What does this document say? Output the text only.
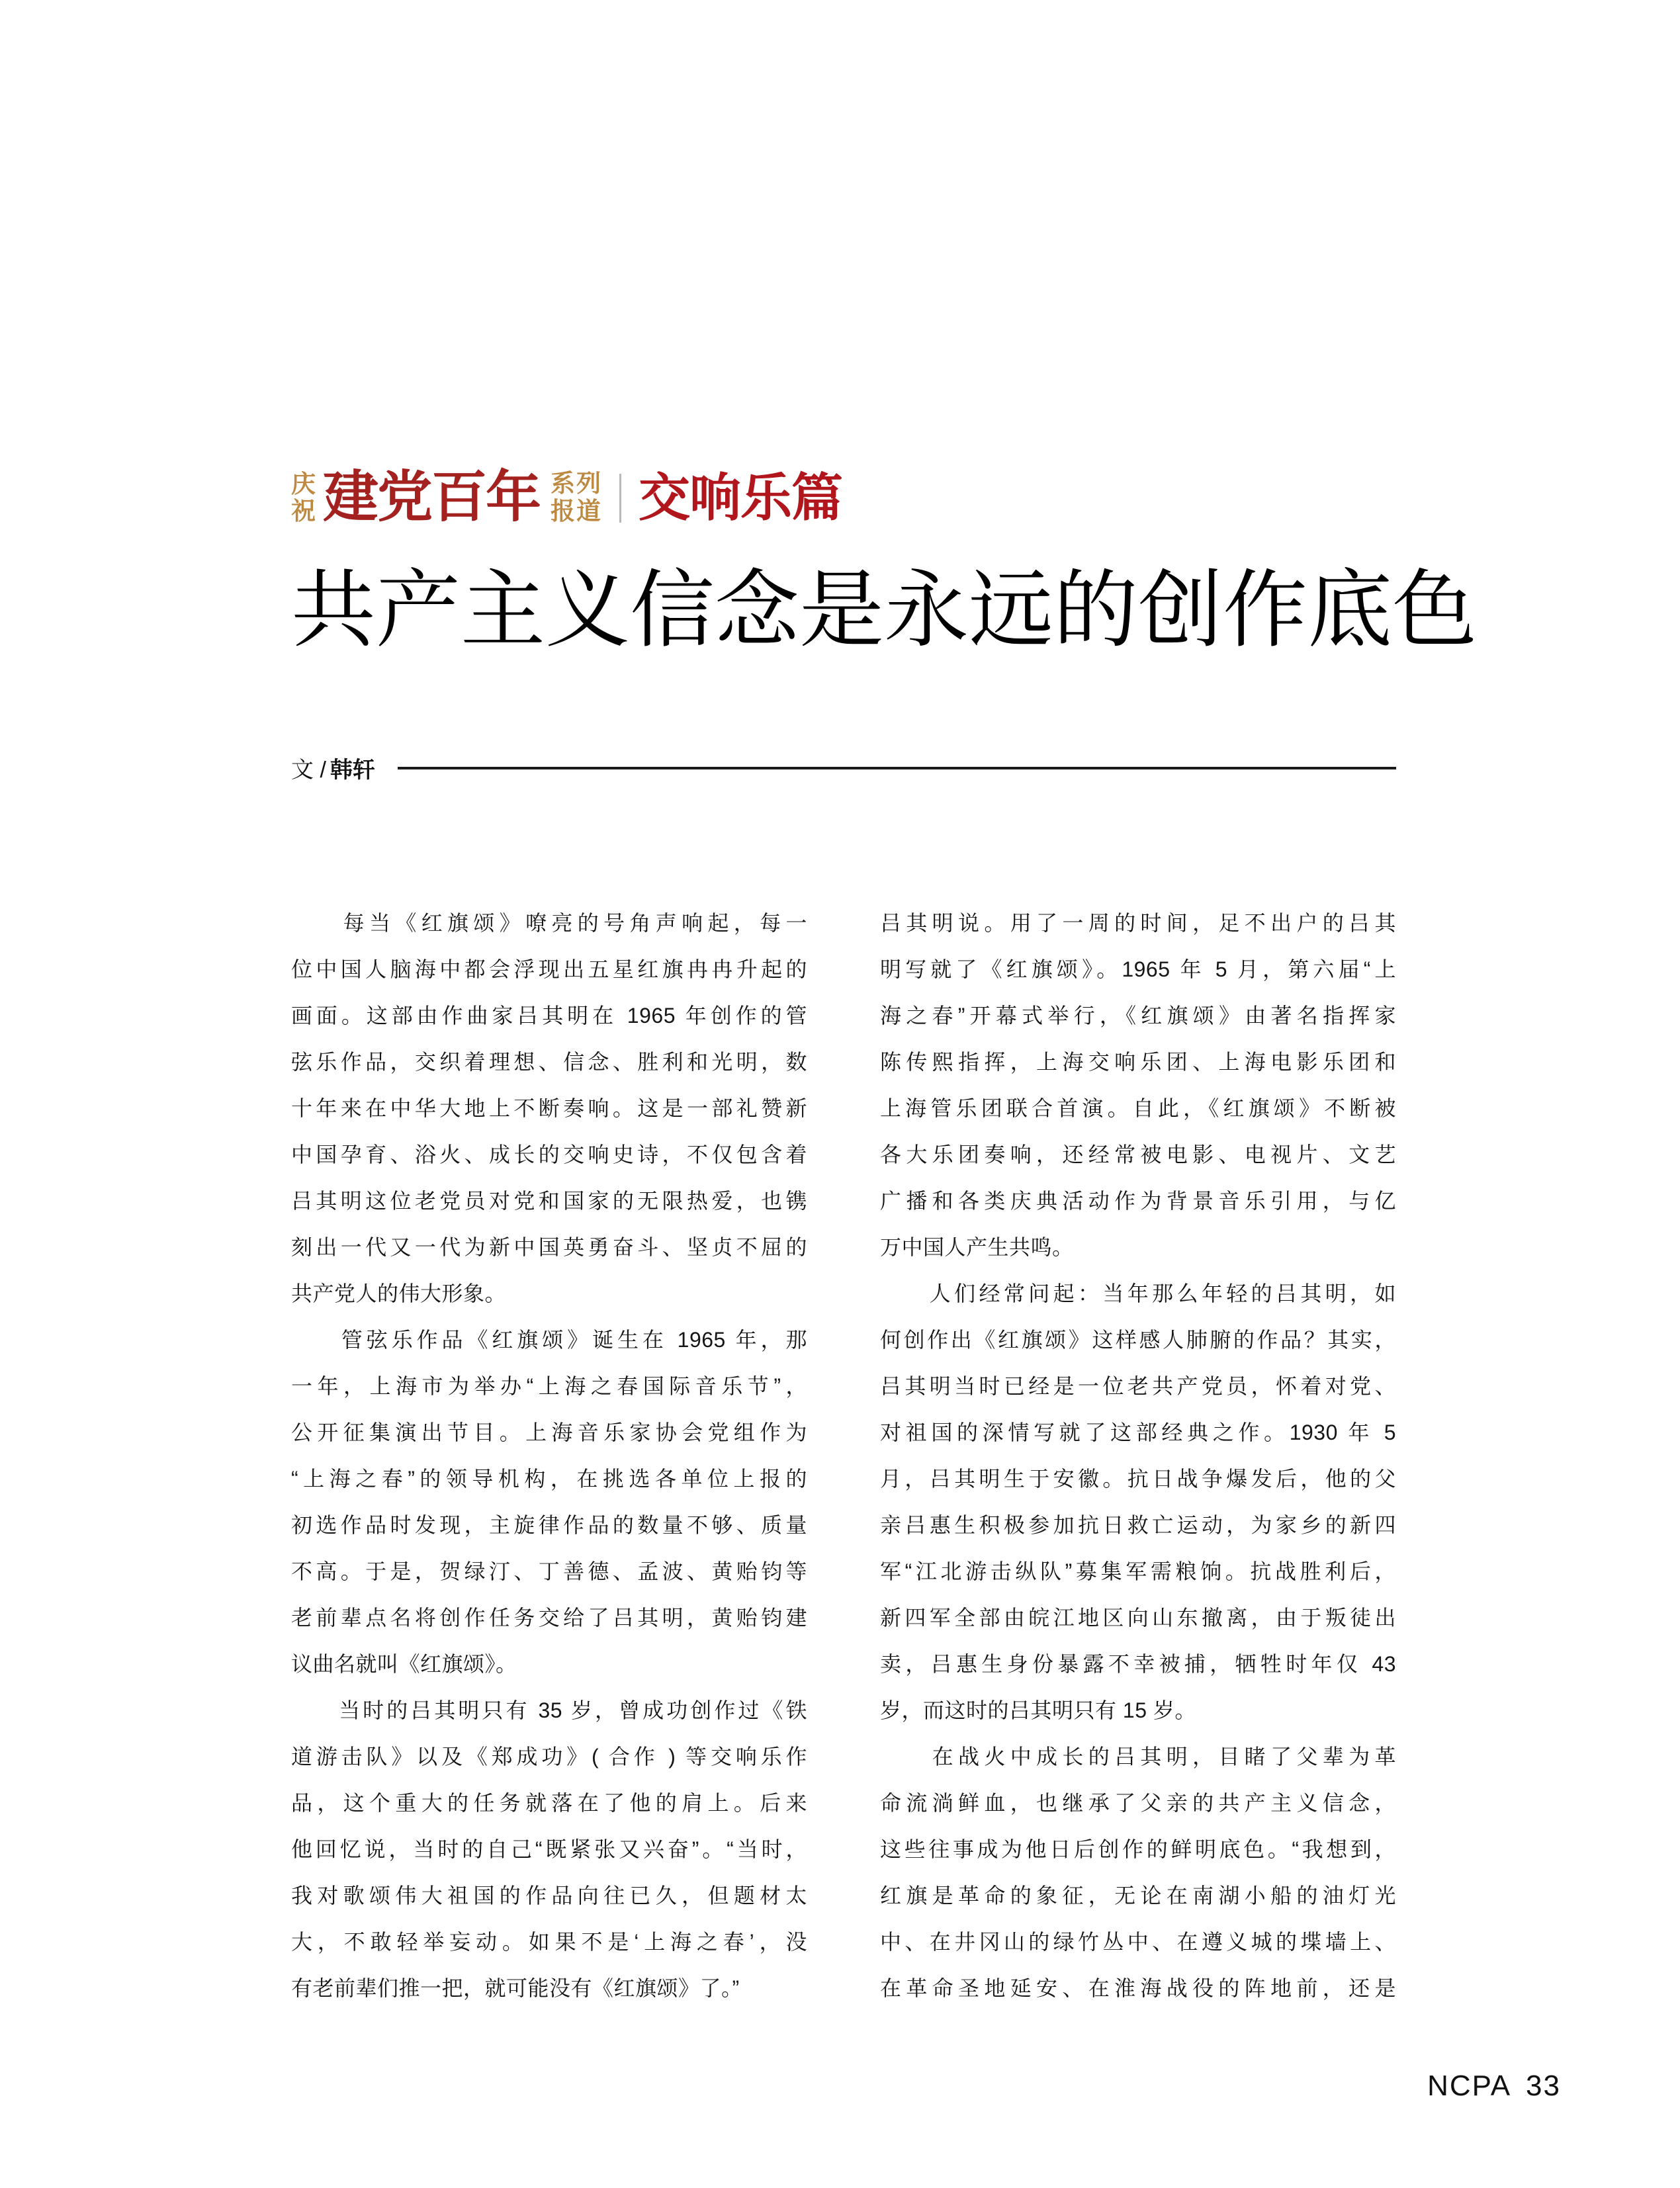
庆
祝 建党百年 系列
报道 交响乐篇
共产主义信念是永远的创作底色
文 / 韩轩
　　每当《红旗颂》嘹亮的号角声响起，每一
位中国人脑海中都会浮现出五星红旗冉冉升起的
画面。这部由作曲家吕其明在 1965 年创作的管
弦乐作品，交织着理想、信念、胜利和光明，数
十年来在中华大地上不断奏响。这是一部礼赞新
中国孕育、浴火、成长的交响史诗，不仅包含着
吕其明这位老党员对党和国家的无限热爱，也镌
刻出一代又一代为新中国英勇奋斗、坚贞不屈的
共产党人的伟大形象。
　　管弦乐作品《红旗颂》诞生在 1965 年，那
一年，上海市为举办“上海之春国际音乐节”，
公开征集演出节目。上海音乐家协会党组作为
“上海之春”的领导机构，在挑选各单位上报的
初选作品时发现，主旋律作品的数量不够、质量
不高。于是，贺绿汀、丁善德、孟波、黄贻钧等
老前辈点名将创作任务交给了吕其明，黄贻钧建
议曲名就叫《红旗颂》。
　　当时的吕其明只有 35 岁，曾成功创作过《铁
道游击队》以及《郑成功》( 合作 ) 等交响乐作
品，这个重大的任务就落在了他的肩上。后来
他回忆说，当时的自己“既紧张又兴奋”。“当时，
我对歌颂伟大祖国的作品向往已久，但题材太
大，不敢轻举妄动。如果不是‘上海之春’，没
有老前辈们推一把，就可能没有《红旗颂》了。”
吕其明说。用了一周的时间，足不出户的吕其
明写就了《红旗颂》。1965 年 5 月，第六届“上
海之春”开幕式举行，《红旗颂》由著名指挥家
陈传熙指挥，上海交响乐团、上海电影乐团和
上海管乐团联合首演。自此，《红旗颂》不断被
各大乐团奏响，还经常被电影、电视片、文艺
广播和各类庆典活动作为背景音乐引用，与亿
万中国人产生共鸣。
　　人们经常问起：当年那么年轻的吕其明，如
何创作出《红旗颂》这样感人肺腑的作品？其实，
吕其明当时已经是一位老共产党员，怀着对党、
对祖国的深情写就了这部经典之作。1930 年 5
月，吕其明生于安徽。抗日战争爆发后，他的父
亲吕惠生积极参加抗日救亡运动，为家乡的新四
军“江北游击纵队”募集军需粮饷。抗战胜利后，
新四军全部由皖江地区向山东撤离，由于叛徒出
卖，吕惠生身份暴露不幸被捕，牺牲时年仅 43
岁，而这时的吕其明只有 15 岁。
　　在战火中成长的吕其明，目睹了父辈为革
命流淌鲜血，也继承了父亲的共产主义信念，
这些往事成为他日后创作的鲜明底色。“我想到，
红旗是革命的象征，无论在南湖小船的油灯光
中、在井冈山的绿竹丛中、在遵义城的堞墙上、
在革命圣地延安、在淮海战役的阵地前，还是
NCPA 33
